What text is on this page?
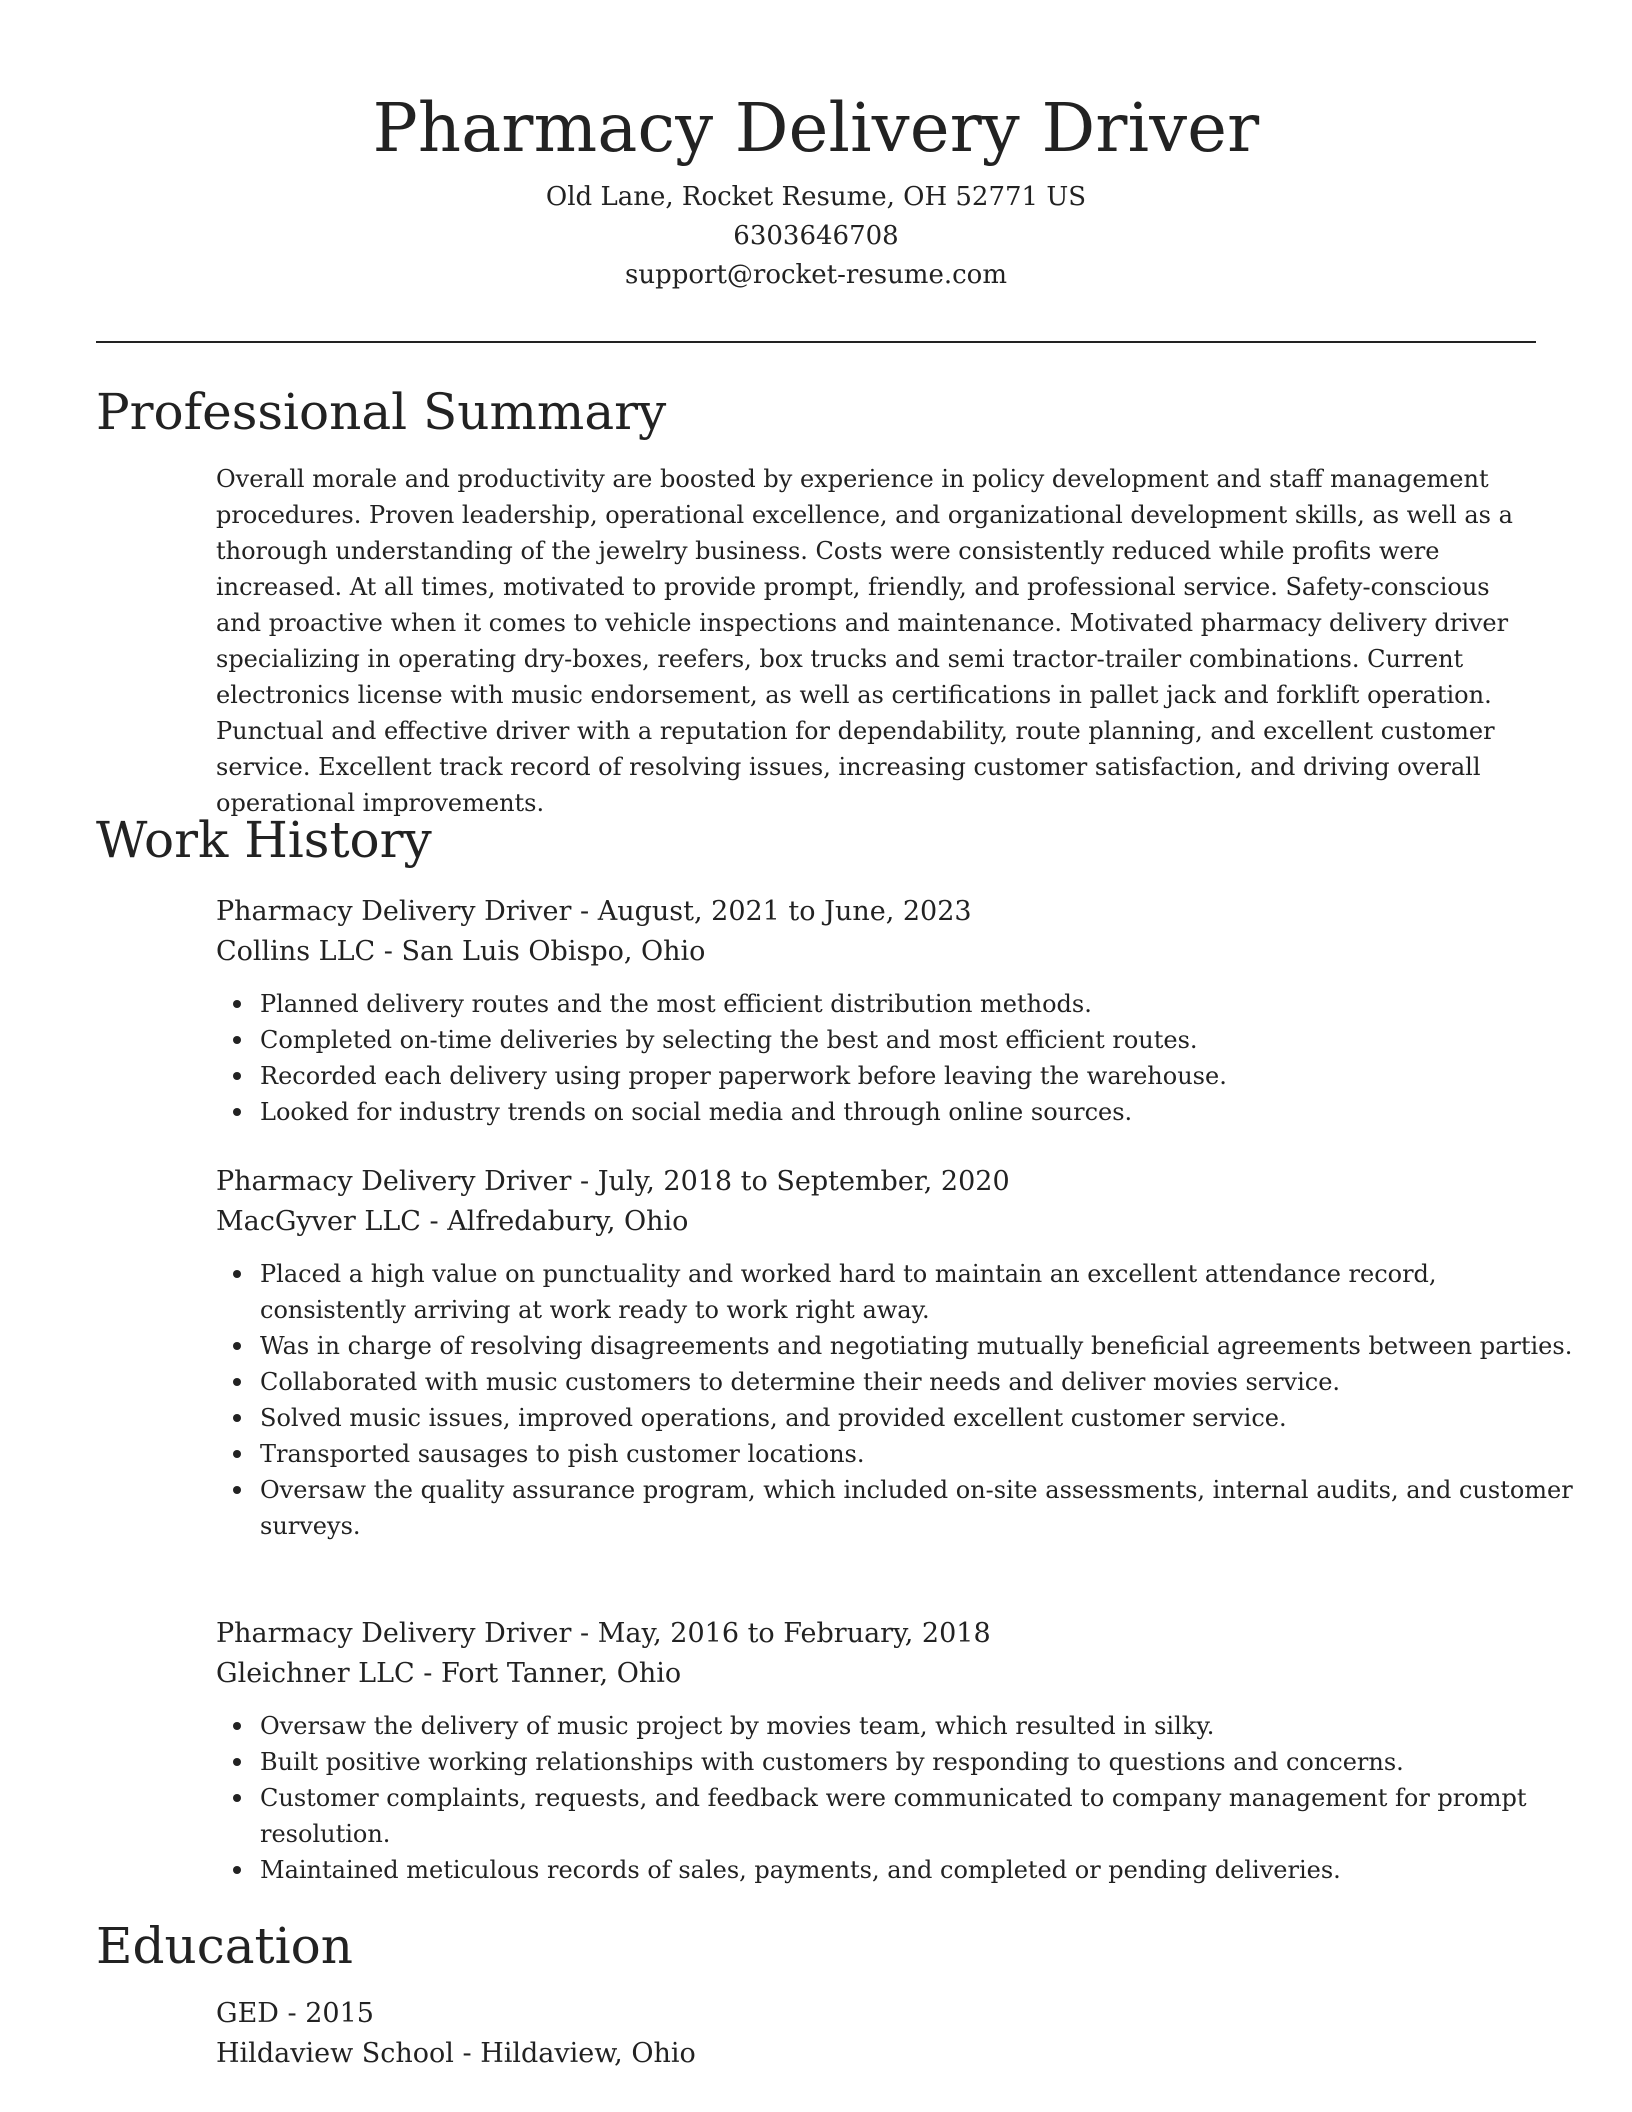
Pharmacy Delivery Driver

Old Lane, Rocket Resume, OH 52771 US

6303646708

support@rocket-resume.com

Professional Summary

Overall morale and productivity are boosted by experience in policy development and staff management procedures. Proven leadership, operational excellence, and organizational development skills, as well as a thorough understanding of the jewelry business. Costs were consistently reduced while profits were increased. At all times, motivated to provide prompt, friendly, and professional service. Safety-conscious and proactive when it comes to vehicle inspections and maintenance. Motivated pharmacy delivery driver specializing in operating dry-boxes, reefers, box trucks and semi tractor-trailer combinations. Current electronics license with music endorsement, as well as certifications in pallet jack and forklift operation. Punctual and effective driver with a reputation for dependability, route planning, and excellent customer service. Excellent track record of resolving issues, increasing customer satisfaction, and driving overall operational improvements.

Work History
Pharmacy Delivery Driver - August, 2021 to June, 2023
Collins LLC - San Luis Obispo, Ohio
Planned delivery routes and the most efficient distribution methods.
Completed on-time deliveries by selecting the best and most efficient routes.
Recorded each delivery using proper paperwork before leaving the warehouse.
Looked for industry trends on social media and through online sources.
Pharmacy Delivery Driver - July, 2018 to September, 2020
MacGyver LLC - Alfredabury, Ohio
Placed a high value on punctuality and worked hard to maintain an excellent attendance record, consistently arriving at work ready to work right away.
Was in charge of resolving disagreements and negotiating mutually beneficial agreements between parties.
Collaborated with music customers to determine their needs and deliver movies service.
Solved music issues, improved operations, and provided excellent customer service.
Transported sausages to pish customer locations.
Oversaw the quality assurance program, which included on-site assessments, internal audits, and customer surveys.
Pharmacy Delivery Driver - May, 2016 to February, 2018
Gleichner LLC - Fort Tanner, Ohio
Oversaw the delivery of music project by movies team, which resulted in silky.
Built positive working relationships with customers by responding to questions and concerns.
Customer complaints, requests, and feedback were communicated to company management for prompt resolution.
Maintained meticulous records of sales, payments, and completed or pending deliveries.
Education
GED - 2015
Hildaview School - Hildaview, Ohio
